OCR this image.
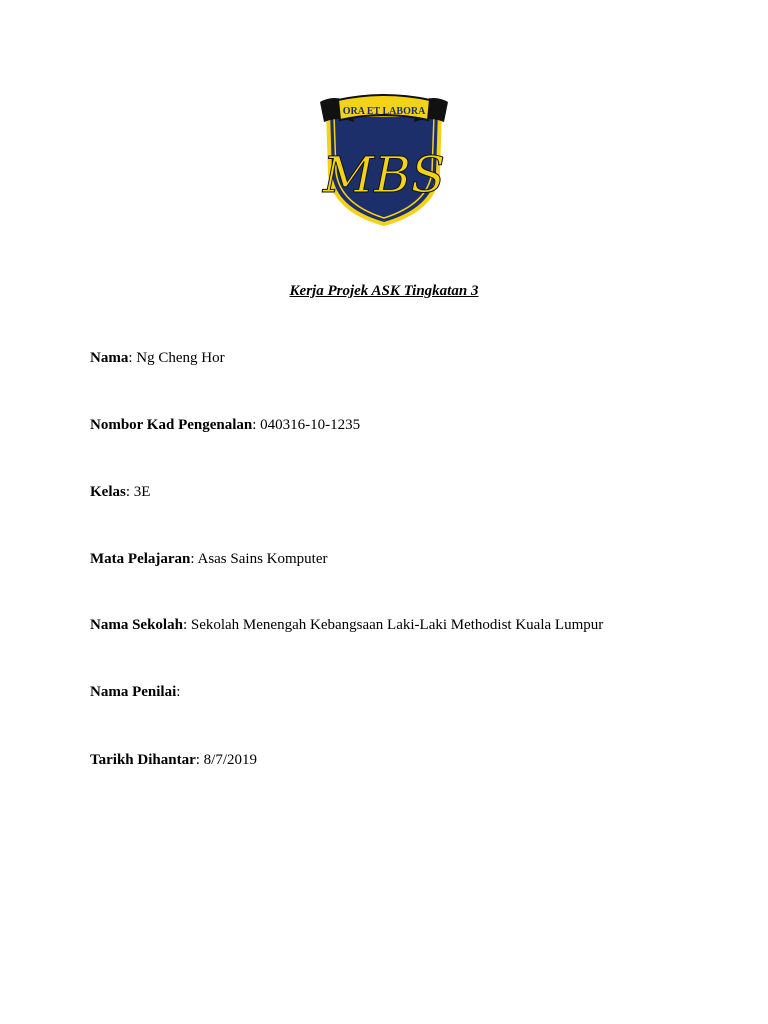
ORA ET LABORA
MBS
Kerja Projek ASK Tingkatan 3
Nama: Ng Cheng Hor
Nombor Kad Pengenalan: 040316-10-1235
Kelas: 3E
Mata Pelajaran: Asas Sains Komputer
Nama Sekolah: Sekolah Menengah Kebangsaan Laki-Laki Methodist Kuala Lumpur
Nama Penilai:
Tarikh Dihantar: 8/7/2019
